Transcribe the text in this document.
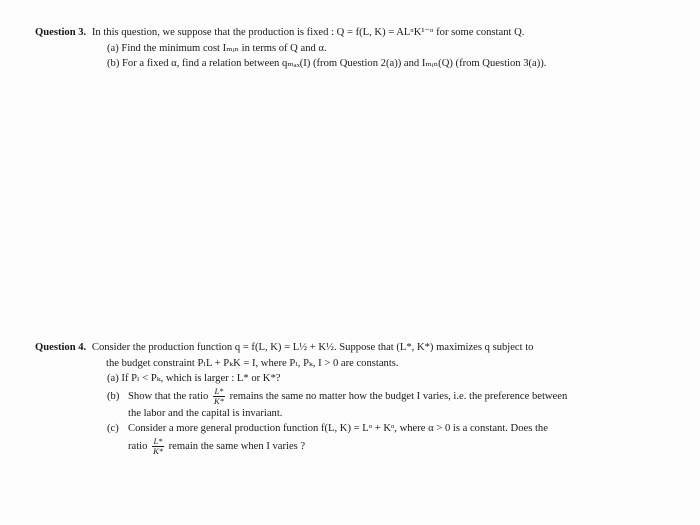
Question 3. In this question, we suppose that the production is fixed : Q = f(L, K) = ALᵅK¹⁻ᵅ for some constant Q.
(a) Find the minimum cost Iₘᵢₙ in terms of Q and α.
(b) For a fixed α, find a relation between qₘₐₓ(I) (from Question 2(a)) and Iₘᵢₙ(Q) (from Question 3(a)).
Question 4. Consider the production function q = f(L, K) = L½ + K½. Suppose that (L*, K*) maximizes q subject to
the budget constraint PₗL + PₖK = I, where Pₗ, Pₖ, I > 0 are constants.
(a) If Pₗ < Pₖ, which is larger : L* or K*?
(b) Show that the ratio $\frac{L*}{K*}$ remains the same no matter how the budget I varies, i.e. the preference between
the labor and the capital is invariant.
(c) Consider a more general production function f(L, K) = Lᵅ + Kᵅ, where α > 0 is a constant. Does the
ratio $\frac{L*}{K*}$ remain the same when I varies ?
